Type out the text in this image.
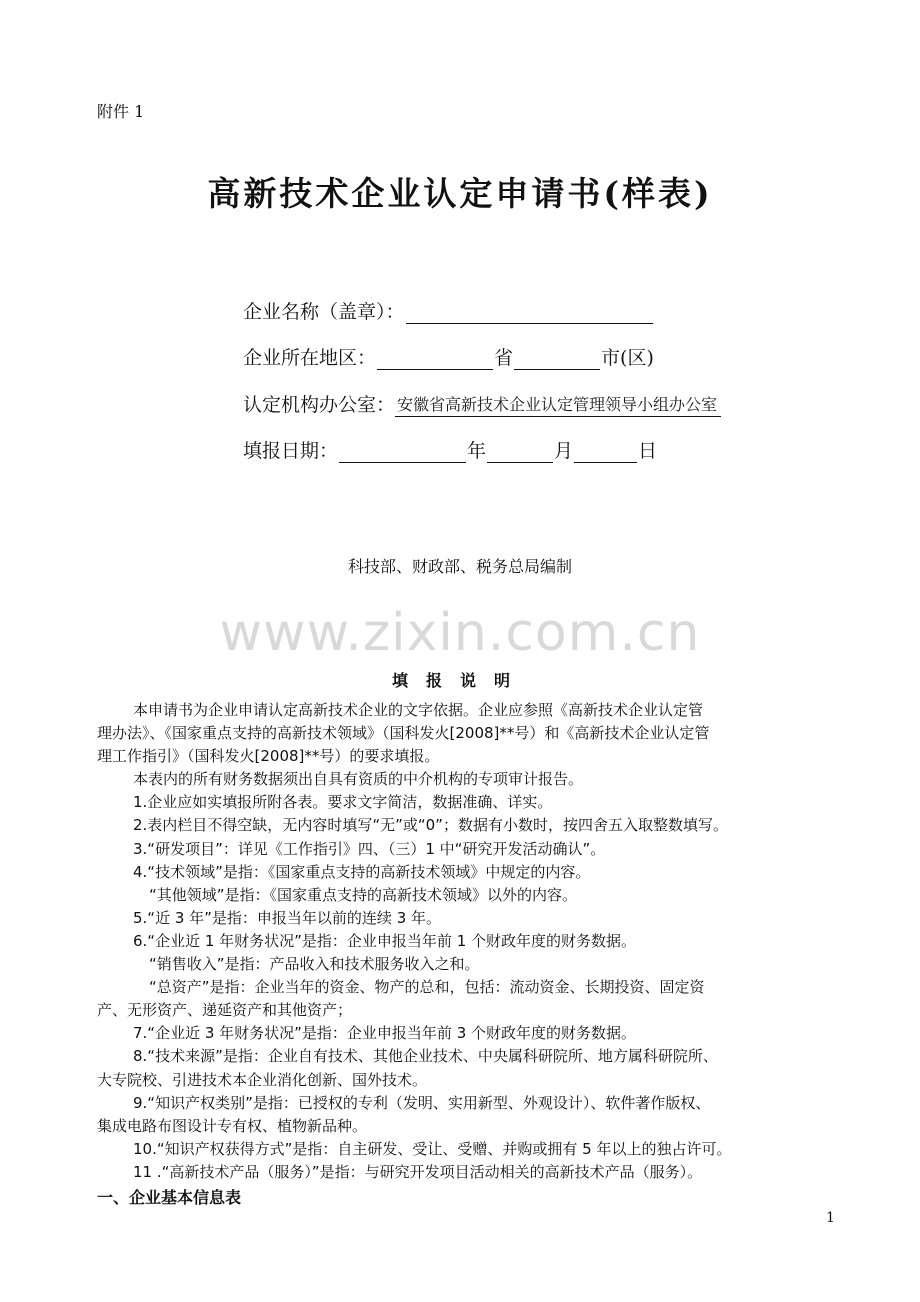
附件 1
高新技术企业认定申请书(样表)
企业名称（盖章）：
企业所在地区：	省	市(区)
认定机构办公室： 安徽省高新技术企业认定管理领导小组办公室
填报日期：	年	月	日
科技部、财政部、税务总局编制
www.zixin.com.cn
填报说明

本申请书为企业申请认定高新技术企业的文字依据。企业应参照《高新技术企业认定管

理办法》、《国家重点支持的高新技术领域》（国科发火[2008]**号）和《高新技术企业认定管

理工作指引》（国科发火[2008]**号）的要求填报。

本表内的所有财务数据须出自具有资质的中介机构的专项审计报告。

1.企业应如实填报所附各表。要求文字简洁，数据准确、详实。

2.表内栏目不得空缺，无内容时填写“无”或“0”；数据有小数时，按四舍五入取整数填写。

3.“研发项目”：详见《工作指引》四、（三）1 中“研究开发活动确认”。

4.“技术领域”是指：《国家重点支持的高新技术领域》中规定的内容。

“其他领域”是指：《国家重点支持的高新技术领域》以外的内容。

5.“近 3 年”是指：申报当年以前的连续 3 年。

6.“企业近 1 年财务状况”是指：企业申报当年前 1 个财政年度的财务数据。

“销售收入”是指：产品收入和技术服务收入之和。

“总资产”是指：企业当年的资金、物产的总和，包括：流动资金、长期投资、固定资

产、无形资产、递延资产和其他资产；

7.“企业近 3 年财务状况”是指：企业申报当年前 3 个财政年度的财务数据。

8.“技术来源”是指：企业自有技术、其他企业技术、中央属科研院所、地方属科研院所、

大专院校、引进技术本企业消化创新、国外技术。

9.“知识产权类别”是指：已授权的专利（发明、实用新型、外观设计）、软件著作版权、

集成电路布图设计专有权、植物新品种。

10.“知识产权获得方式”是指：自主研发、受让、受赠、并购或拥有 5 年以上的独占许可。

11 .“高新技术产品（服务）”是指：与研究开发项目活动相关的高新技术产品（服务）。

一、企业基本信息表
1
